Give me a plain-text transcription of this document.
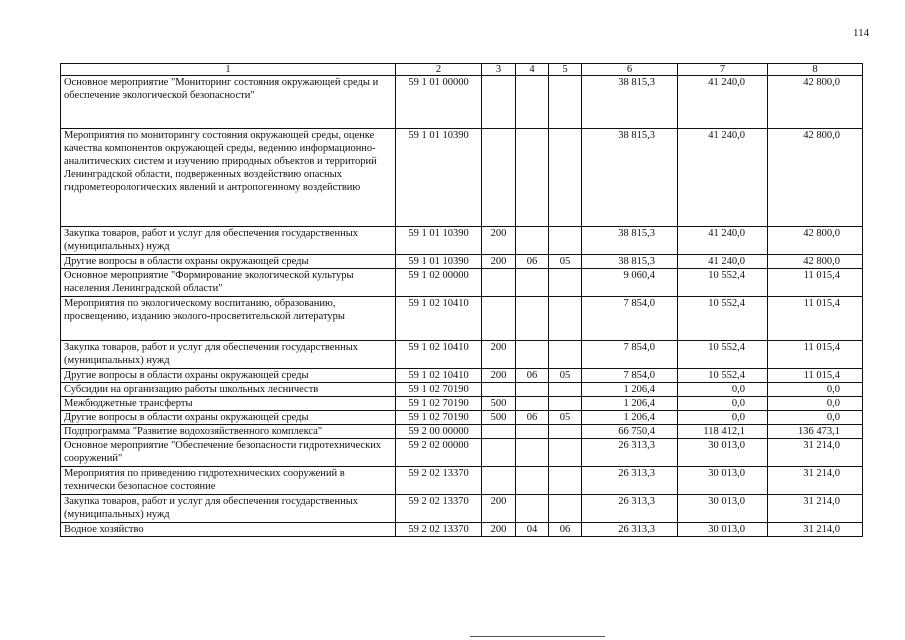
114
1	2	3	4	5	6	7	8
Основное мероприятие "Мониторинг состояния окружающей среды и обеспечение экологической безопасности"	59 1 01 00000				38 815,3	41 240,0	42 800,0
Мероприятия по мониторингу состояния окружающей среды, оценке качества компонентов окружающей среды, ведению информационно-аналитических систем и изучению природных объектов и территорий Ленинградской области, подверженных воздействию опасных гидрометеорологических явлений и антропогенному воздействию	59 1 01 10390				38 815,3	41 240,0	42 800,0
Закупка товаров, работ и услуг для обеспечения государственных (муниципальных) нужд	59 1 01 10390	200			38 815,3	41 240,0	42 800,0
Другие вопросы в области охраны окружающей среды	59 1 01 10390	200	06	05	38 815,3	41 240,0	42 800,0
Основное мероприятие "Формирование экологической культуры населения Ленинградской области"	59 1 02 00000				9 060,4	10 552,4	11 015,4
Мероприятия по экологическому воспитанию, образованию, просвещению, изданию эколого-просветительской литературы	59 1 02 10410				7 854,0	10 552,4	11 015,4
Закупка товаров, работ и услуг для обеспечения государственных (муниципальных) нужд	59 1 02 10410	200			7 854,0	10 552,4	11 015,4
Другие вопросы в области охраны окружающей среды	59 1 02 10410	200	06	05	7 854,0	10 552,4	11 015,4
Субсидии на организацию работы школьных лесничеств	59 1 02 70190				1 206,4	0,0	0,0
Межбюджетные трансферты	59 1 02 70190	500			1 206,4	0,0	0,0
Другие вопросы в области охраны окружающей среды	59 1 02 70190	500	06	05	1 206,4	0,0	0,0
Подпрограмма "Развитие водохозяйственного комплекса"	59 2 00 00000				66 750,4	118 412,1	136 473,1
Основное мероприятие "Обеспечение безопасности гидротехнических сооружений"	59 2 02 00000				26 313,3	30 013,0	31 214,0
Мероприятия по приведению гидротехнических сооружений в технически безопасное состояние	59 2 02 13370				26 313,3	30 013,0	31 214,0
Закупка товаров, работ и услуг для обеспечения государственных (муниципальных) нужд	59 2 02 13370	200			26 313,3	30 013,0	31 214,0
Водное хозяйство	59 2 02 13370	200	04	06	26 313,3	30 013,0	31 214,0
